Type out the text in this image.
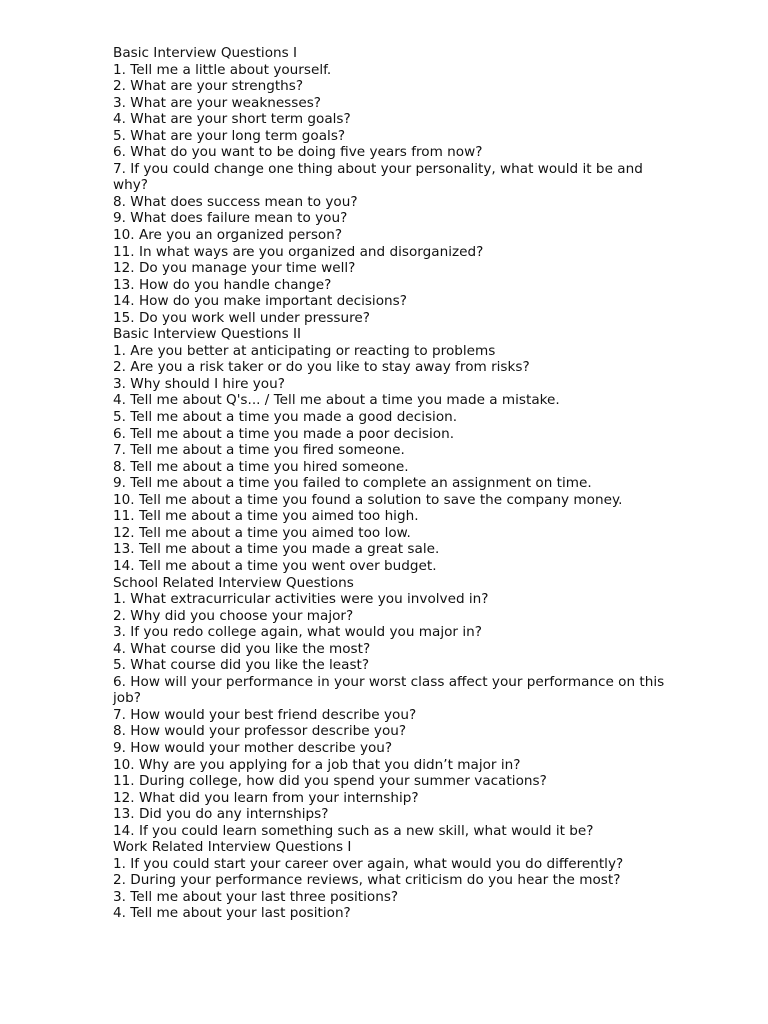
Basic Interview Questions I
1. Tell me a little about yourself.
2. What are your strengths?
3. What are your weaknesses?
4. What are your short term goals?
5. What are your long term goals?
6. What do you want to be doing five years from now?
7. If you could change one thing about your personality, what would it be and why?
8. What does success mean to you?
9. What does failure mean to you?
10. Are you an organized person?
11. In what ways are you organized and disorganized?
12. Do you manage your time well?
13. How do you handle change?
14. How do you make important decisions?
15. Do you work well under pressure?
Basic Interview Questions II
1. Are you better at anticipating or reacting to problems
2. Are you a risk taker or do you like to stay away from risks?
3. Why should I hire you?
4. Tell me about Q's... / Tell me about a time you made a mistake.
5. Tell me about a time you made a good decision.
6. Tell me about a time you made a poor decision.
7. Tell me about a time you fired someone.
8. Tell me about a time you hired someone.
9. Tell me about a time you failed to complete an assignment on time.
10. Tell me about a time you found a solution to save the company money.
11. Tell me about a time you aimed too high.
12. Tell me about a time you aimed too low.
13. Tell me about a time you made a great sale.
14. Tell me about a time you went over budget.
School Related Interview Questions
1. What extracurricular activities were you involved in?
2. Why did you choose your major?
3. If you redo college again, what would you major in?
4. What course did you like the most?
5. What course did you like the least?
6. How will your performance in your worst class affect your performance on this job?
7. How would your best friend describe you?
8. How would your professor describe you?
9. How would your mother describe you?
10. Why are you applying for a job that you didn’t major in?
11. During college, how did you spend your summer vacations?
12. What did you learn from your internship?
13. Did you do any internships?
14. If you could learn something such as a new skill, what would it be?
Work Related Interview Questions I
1. If you could start your career over again, what would you do differently?
2. During your performance reviews, what criticism do you hear the most?
3. Tell me about your last three positions?
4. Tell me about your last position?
